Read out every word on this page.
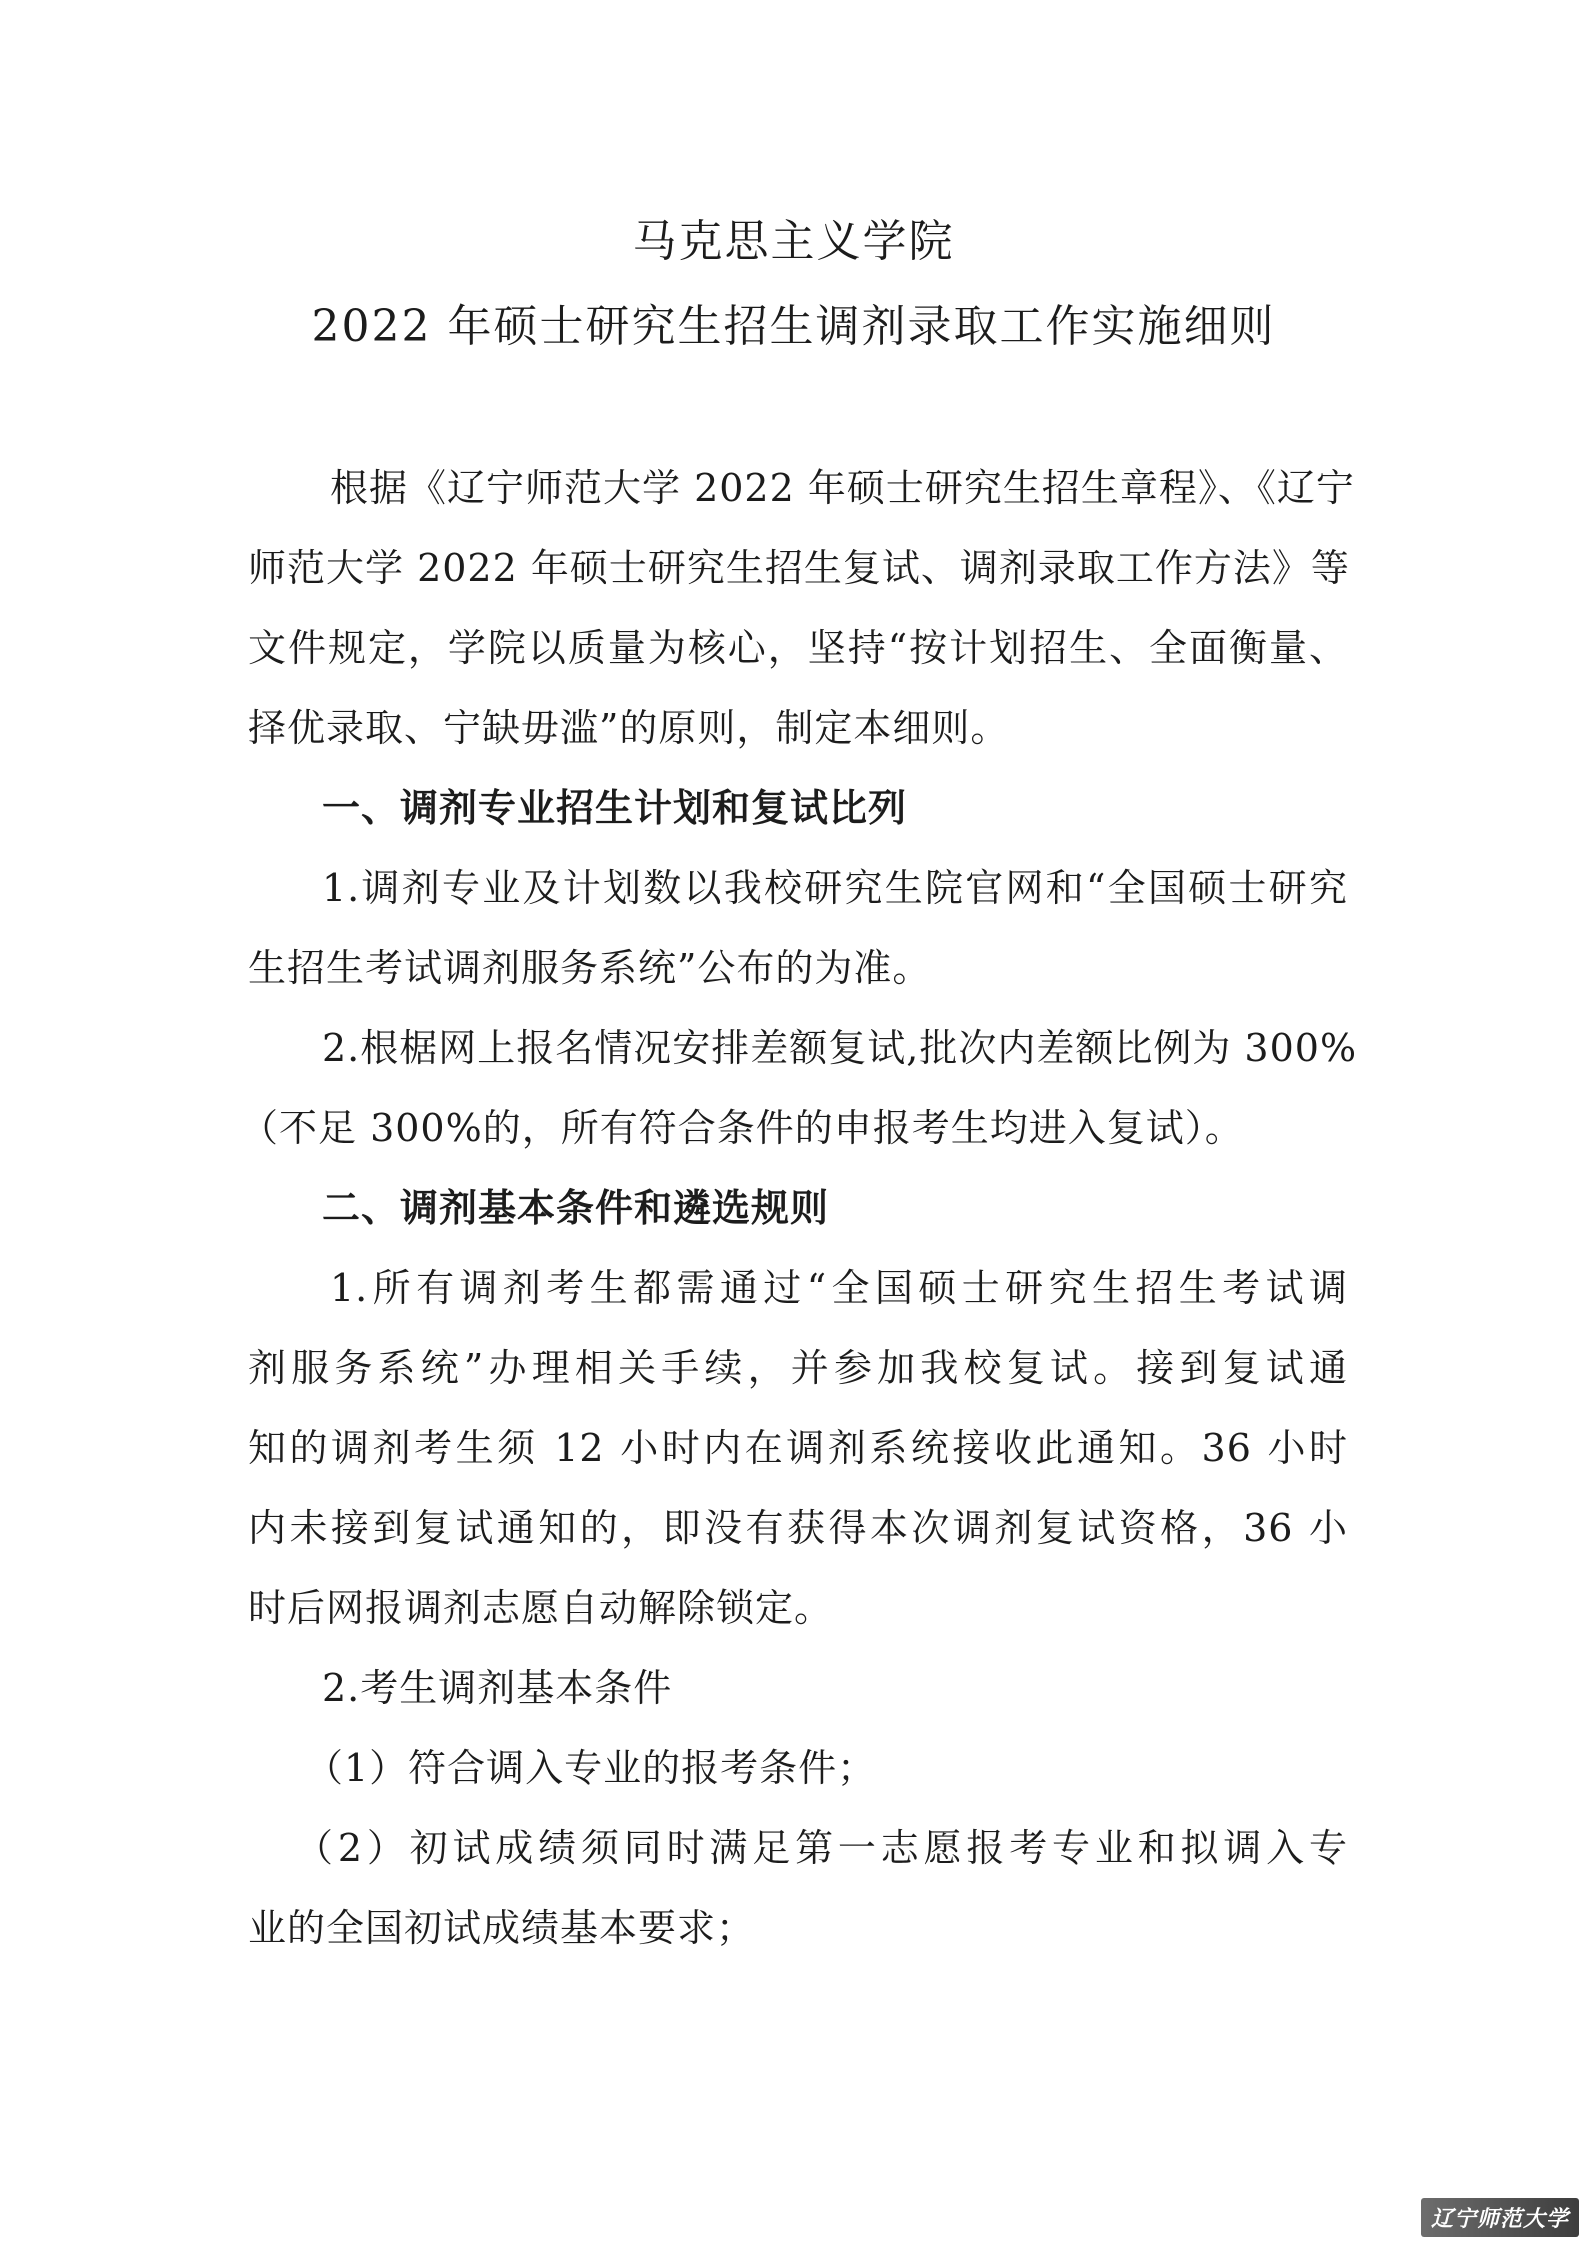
马克思主义学院
2022 年硕士研究生招生调剂录取工作实施细则
根据《辽宁师范大学 2022 年硕士研究生招生章程》、《辽宁
师范大学 2022 年硕士研究生招生复试、调剂录取工作方法》等
文件规定，学院以质量为核心，坚持“按计划招生、全面衡量、
择优录取、宁缺毋滥”的原则，制定本细则。
一、调剂专业招生计划和复试比列
1.调剂专业及计划数以我校研究生院官网和“全国硕士研究
生招生考试调剂服务系统”公布的为准。
2.根椐网上报名情况安排差额复试,批次内差额比例为 300%
（不足 300%的，所有符合条件的申报考生均进入复试）。
二、调剂基本条件和遴选规则
1.所有调剂考生都需通过“全国硕士研究生招生考试调
剂服务系统”办理相关手续，并参加我校复试。接到复试通
知的调剂考生须 12 小时内在调剂系统接收此通知。36 小时
内未接到复试通知的，即没有获得本次调剂复试资格，36 小
时后网报调剂志愿自动解除锁定。
2.考生调剂基本条件
（1）符合调入专业的报考条件；
（2）初试成绩须同时满足第一志愿报考专业和拟调入专
业的全国初试成绩基本要求；
辽宁师范大学
